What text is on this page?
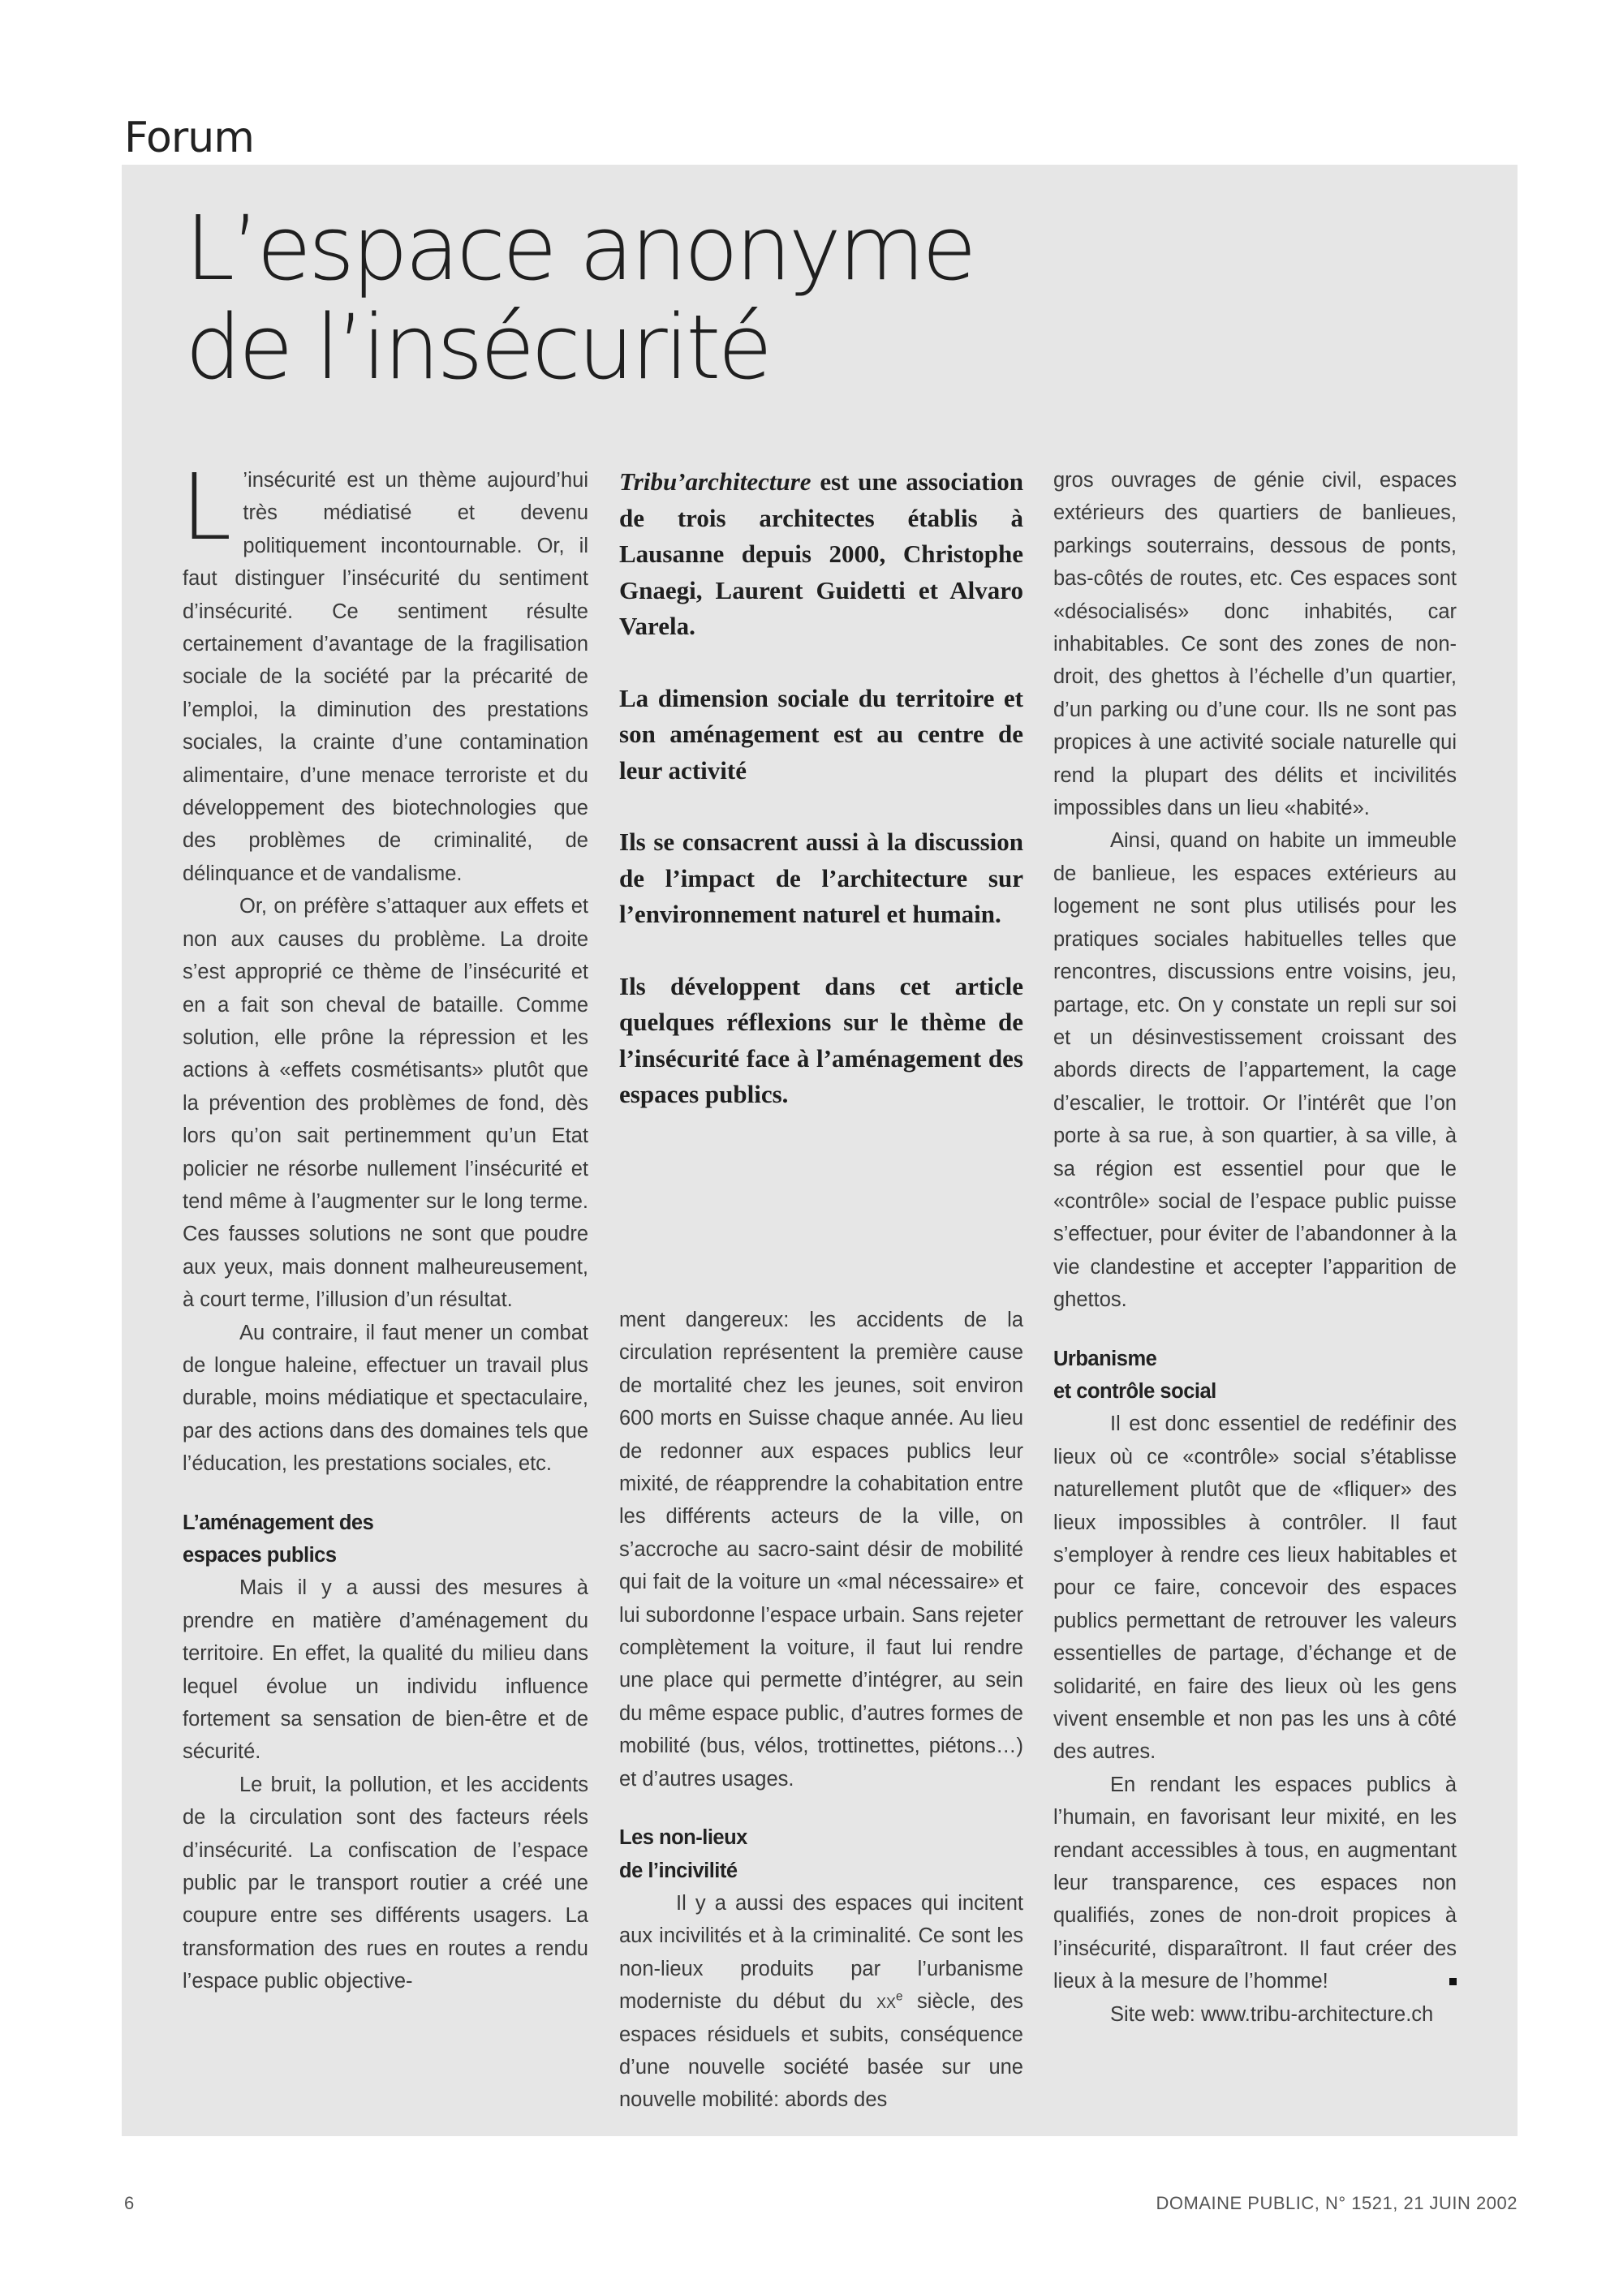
Forum
L’espace anonyme
de l’insécurité

L ’insécurité est un thème aujourd’hui très médiatisé et devenu politiquement incontournable. Or, il faut distinguer l’insécurité du sentiment d’insécurité. Ce sentiment résulte certainement d’avantage de la fragilisation sociale de la société par la précarité de l’emploi, la diminution des prestations sociales, la crainte d’une contamination alimentaire, d’une menace terroriste et du développement des biotechnologies que des problèmes de criminalité, de délinquance et de vandalisme.

Or, on préfère s’attaquer aux effets et non aux causes du problème. La droite s’est approprié ce thème de l’insécurité et en a fait son cheval de bataille. Comme solution, elle prône la répression et les actions à «effets cosmétisants» plutôt que la prévention des problèmes de fond, dès lors qu’on sait pertinemment qu’un Etat policier ne résorbe nullement l’insécurité et tend même à l’augmenter sur le long terme. Ces fausses solutions ne sont que poudre aux yeux, mais donnent malheureusement, à court terme, l’illusion d’un résultat.

Au contraire, il faut mener un combat de longue haleine, effectuer un travail plus durable, moins médiatique et spectaculaire, par des actions dans des domaines tels que l’éducation, les prestations sociales, etc.

L’aménagement des
espaces publics

Mais il y a aussi des mesures à prendre en matière d’aménagement du territoire. En effet, la qualité du milieu dans lequel évolue un individu influence fortement sa sensation de bien-être et de sécurité.

Le bruit, la pollution, et les accidents de la circulation sont des facteurs réels d’insécurité. La confiscation de l’espace public par le transport routier a créé une coupure entre ses différents usagers. La transformation des rues en routes a rendu l’espace public objective-

Tribu’architecture est une association de trois architectes établis à Lausanne depuis 2000, Christophe Gnaegi, Laurent Guidetti et Alvaro Varela.

La dimension sociale du territoire et son aménagement est au centre de leur activité

Ils se consacrent aussi à la discussion de l’impact de l’architecture sur l’environnement naturel et humain.

Ils développent dans cet article quelques réflexions sur le thème de l’insécurité face à l’aménagement des espaces publics.

ment dangereux: les accidents de la circulation représentent la première cause de mortalité chez les jeunes, soit environ 600 morts en Suisse chaque année. Au lieu de redonner aux espaces publics leur mixité, de réapprendre la cohabitation entre les différents acteurs de la ville, on s’accroche au sacro-saint désir de mobilité qui fait de la voiture un «mal nécessaire» et lui subordonne l’espace urbain. Sans rejeter complètement la voiture, il faut lui rendre une place qui permette d’intégrer, au sein du même espace public, d’autres formes de mobilité (bus, vélos, trottinettes, piétons…) et d’autres usages.

Les non-lieux
de l’incivilité

Il y a aussi des espaces qui incitent aux incivilités et à la criminalité. Ce sont les non-lieux produits par l’urbanisme moderniste du début du $xx^e$ siècle, des espaces résiduels et subits, conséquence d’une nouvelle société basée sur une nouvelle mobilité: abords des

gros ouvrages de génie civil, espaces extérieurs des quartiers de banlieues, parkings souterrains, dessous de ponts, bas-côtés de routes, etc. Ces espaces sont «désocialisés» donc inhabités, car inhabitables. Ce sont des zones de non-droit, des ghettos à l’échelle d’un quartier, d’un parking ou d’une cour. Ils ne sont pas propices à une activité sociale naturelle qui rend la plupart des délits et incivilités impossibles dans un lieu «habité».

Ainsi, quand on habite un immeuble de banlieue, les espaces extérieurs au logement ne sont plus utilisés pour les pratiques sociales habituelles telles que rencontres, discussions entre voisins, jeu, partage, etc. On y constate un repli sur soi et un désinvestissement croissant des abords directs de l’appartement, la cage d’escalier, le trottoir. Or l’intérêt que l’on porte à sa rue, à son quartier, à sa ville, à sa région est essentiel pour que le «contrôle» social de l’espace public puisse s’effectuer, pour éviter de l’abandonner à la vie clandestine et accepter l’apparition de ghettos.

Urbanisme
et contrôle social

Il est donc essentiel de redéfinir des lieux où ce «contrôle» social s’établisse naturellement plutôt que de «fliquer» des lieux impossibles à contrôler. Il faut s’employer à rendre ces lieux habitables et pour ce faire, concevoir des espaces publics permettant de retrouver les valeurs essentielles de partage, d’échange et de solidarité, en faire des lieux où les gens vivent ensemble et non pas les uns à côté des autres.

En rendant les espaces publics à l’humain, en favorisant leur mixité, en les rendant accessibles à tous, en augmentant leur transparence, ces espaces non qualifiés, zones de non-droit propices à l’insécurité, disparaîtront. Il faut créer des lieux à la mesure de l’homme!

Site web: www.tribu-architecture.ch

6	DOMAINE PUBLIC, N° 1521, 21 JUIN 2002
